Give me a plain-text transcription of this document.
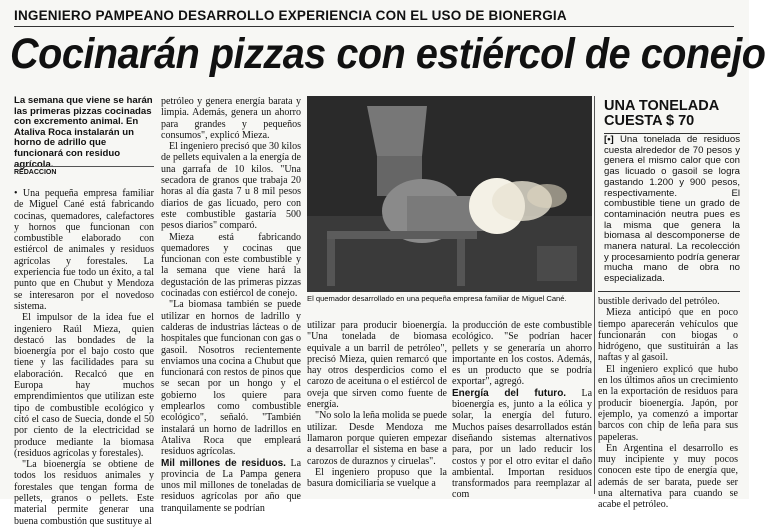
INGENIERO PAMPEANO DESARROLLO EXPERIENCIA CON EL USO DE BIONERGIA
Cocinarán pizzas con estiércol de conejo
La semana que viene se harán las primeras pizzas cocinadas con excremento animal. En Ataliva Roca instalarán un horno de adrillo que funcionará con residuo agrícola.
REDACCION

• Una pequeña empresa familiar de Miguel Cané está fabricando cocinas, quemadores, calefactores y hornos que funcionan con combustible elaborado con estiércol de animales y residuos agrícolas y forestales. La experiencia fue todo un éxito, a tal punto que en Chubut y Mendoza se interesaron por el novedoso sistema.

El impulsor de la idea fue el ingeniero Raúl Mieza, quien destacó las bondades de la bioenergía por el bajo costo que tiene y las facilidades para su elaboración. Recalcó que en Europa hay muchos emprendimientos que utilizan este tipo de combustible ecológico y citó el caso de Suecia, donde el 50 por ciento de la electricidad se produce mediante la biomasa (residuos agrícolas y forestales).

"La bioenergía se obtiene de todos los residuos animales y forestales que tengan forma de pellets, granos o pellets. Este material permite generar una buena combustión que sustituye al

petróleo y genera energía barata y limpia. Además, genera un ahorro para grandes y pequeños consumos", explicó Mieza.

El ingeniero precisó que 30 kilos de pellets equivalen a la energía de una garrafa de 10 kilos. "Una secadora de granos que trabaja 20 horas al día gasta 7 u 8 mil pesos diarios de gas licuado, pero con este combustible gastaría 500 pesos diarios" comparó.

Mieza está fabricando quemadores y cocinas que funcionan con este combustible y la semana que viene hará la degustación de las primeras pizzas cocinadas con estiércol de conejo.

"La biomasa también se puede utilizar en hornos de ladrillo y calderas de industrias lácteas o de hospitales que funcionan con gas o gasoil. Nosotros recientemente enviamos una cocina a Chubut que funcionará con restos de pinos que se secan por un hongo y el gobierno los quiere para emplearlos como combustible ecológico", señaló. "También instalará un horno de ladrillos en Ataliva Roca que empleará residuos agrícolas.

Mil millones de residuos. La provincia de La Pampa genera unos mil millones de toneladas de residuos agrícolas por año que tranquilamente se podrían

El quemador desarrollado en una pequeña empresa familiar de Miguel Cané.

utilizar para producir bioenergía. "Una tonelada de biomasa equivale a un barril de petróleo", precisó Mieza, quien remarcó que hay otros desperdicios como el carozo de aceituna o el estiércol de oveja que sirven como fuente de energía.

"No solo la leña molida se puede utilizar. Desde Mendoza me llamaron porque quieren empezar a desarrollar el sistema en base a carozos de duraznos y ciruelas".

El ingeniero propuso que la basura domiciliaria se vuelque a

la producción de este combustible ecológico. "Se podrían hacer pellets y se generaría un ahorro importante en los costos. Además, es un producto que se podría exportar", agregó.

Energía del futuro. La bioenergía es, junto a la eólica y solar, la energía del futuro. Muchos países desarrollados están diseñando sistemas alternativos para, por un lado reducir los costos y por el otro evitar el daño ambiental. Importan residuos transformados para reemplazar al com

UNA TONELADA CUESTA $ 70
[•] Una tonelada de residuos cuesta alrededor de 70 pesos y genera el mismo calor que con gas licuado o gasoil se logra gastando 1.200 y 900 pesos, respectivamente. El combustible tiene un grado de contaminación neutra pues es la misma que genera la biomasa al descomponerse de manera natural. La recolección y procesamiento podría generar mucha mano de obra no especializada.

bustible derivado del petróleo.

Mieza anticipó que en poco tiempo aparecerán vehículos que funcionarán con biogas o hidrógeno, que sustituirán a las naftas y al gasoil.

El ingeniero explicó que hubo en los últimos años un crecimiento en la exportación de residuos para producir bioenergía. Japón, por ejemplo, ya comenzó a importar barcos con chip de leña para sus papeleras.

En Argentina el desarrollo es muy incipiente y muy pocos conocen este tipo de energía que, además de ser barata, puede ser una alternativa para cuando se acabe el petróleo.
